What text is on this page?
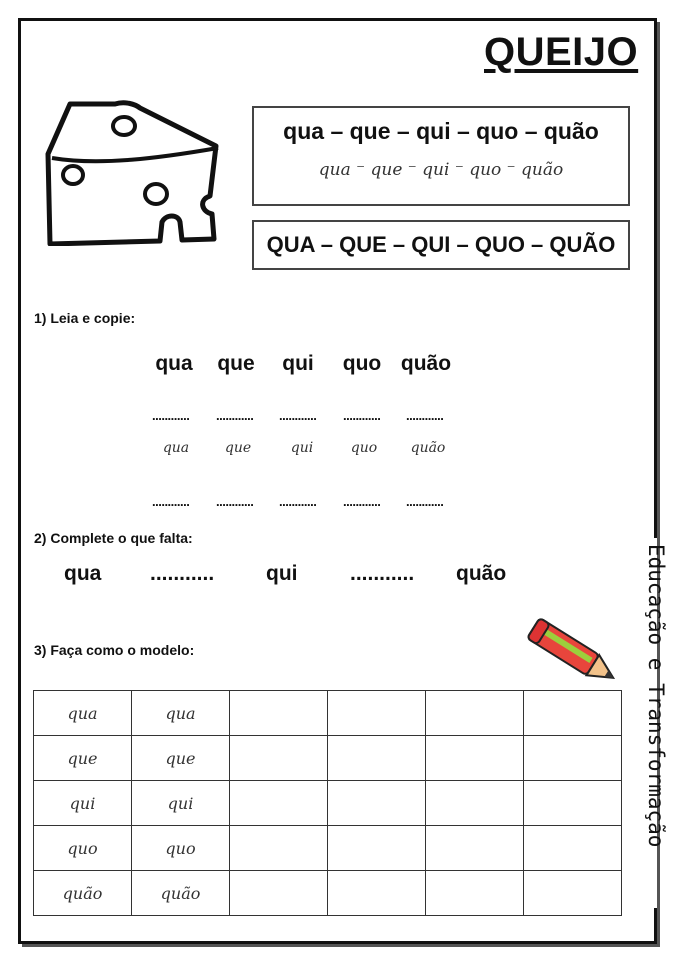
QUEIJO
qua – que – qui – quo – quão
qua ⁻ que ⁻ qui ⁻ quo ⁻ quão
QUA – QUE – QUI – QUO – QUÃO
1) Leia e copie:
qua	que	qui	quo quão
............ ............ ............ ............ ............
qua	que	qui	quo	quão
............ ............ ............ ............ ............
2) Complete o que falta:
qua ........... qui	........... quão
3) Faça como o modelo:	Educação e Transformação
qua	qua				
que	que				
qui	qui				
quo	quo				
quão	quão				
